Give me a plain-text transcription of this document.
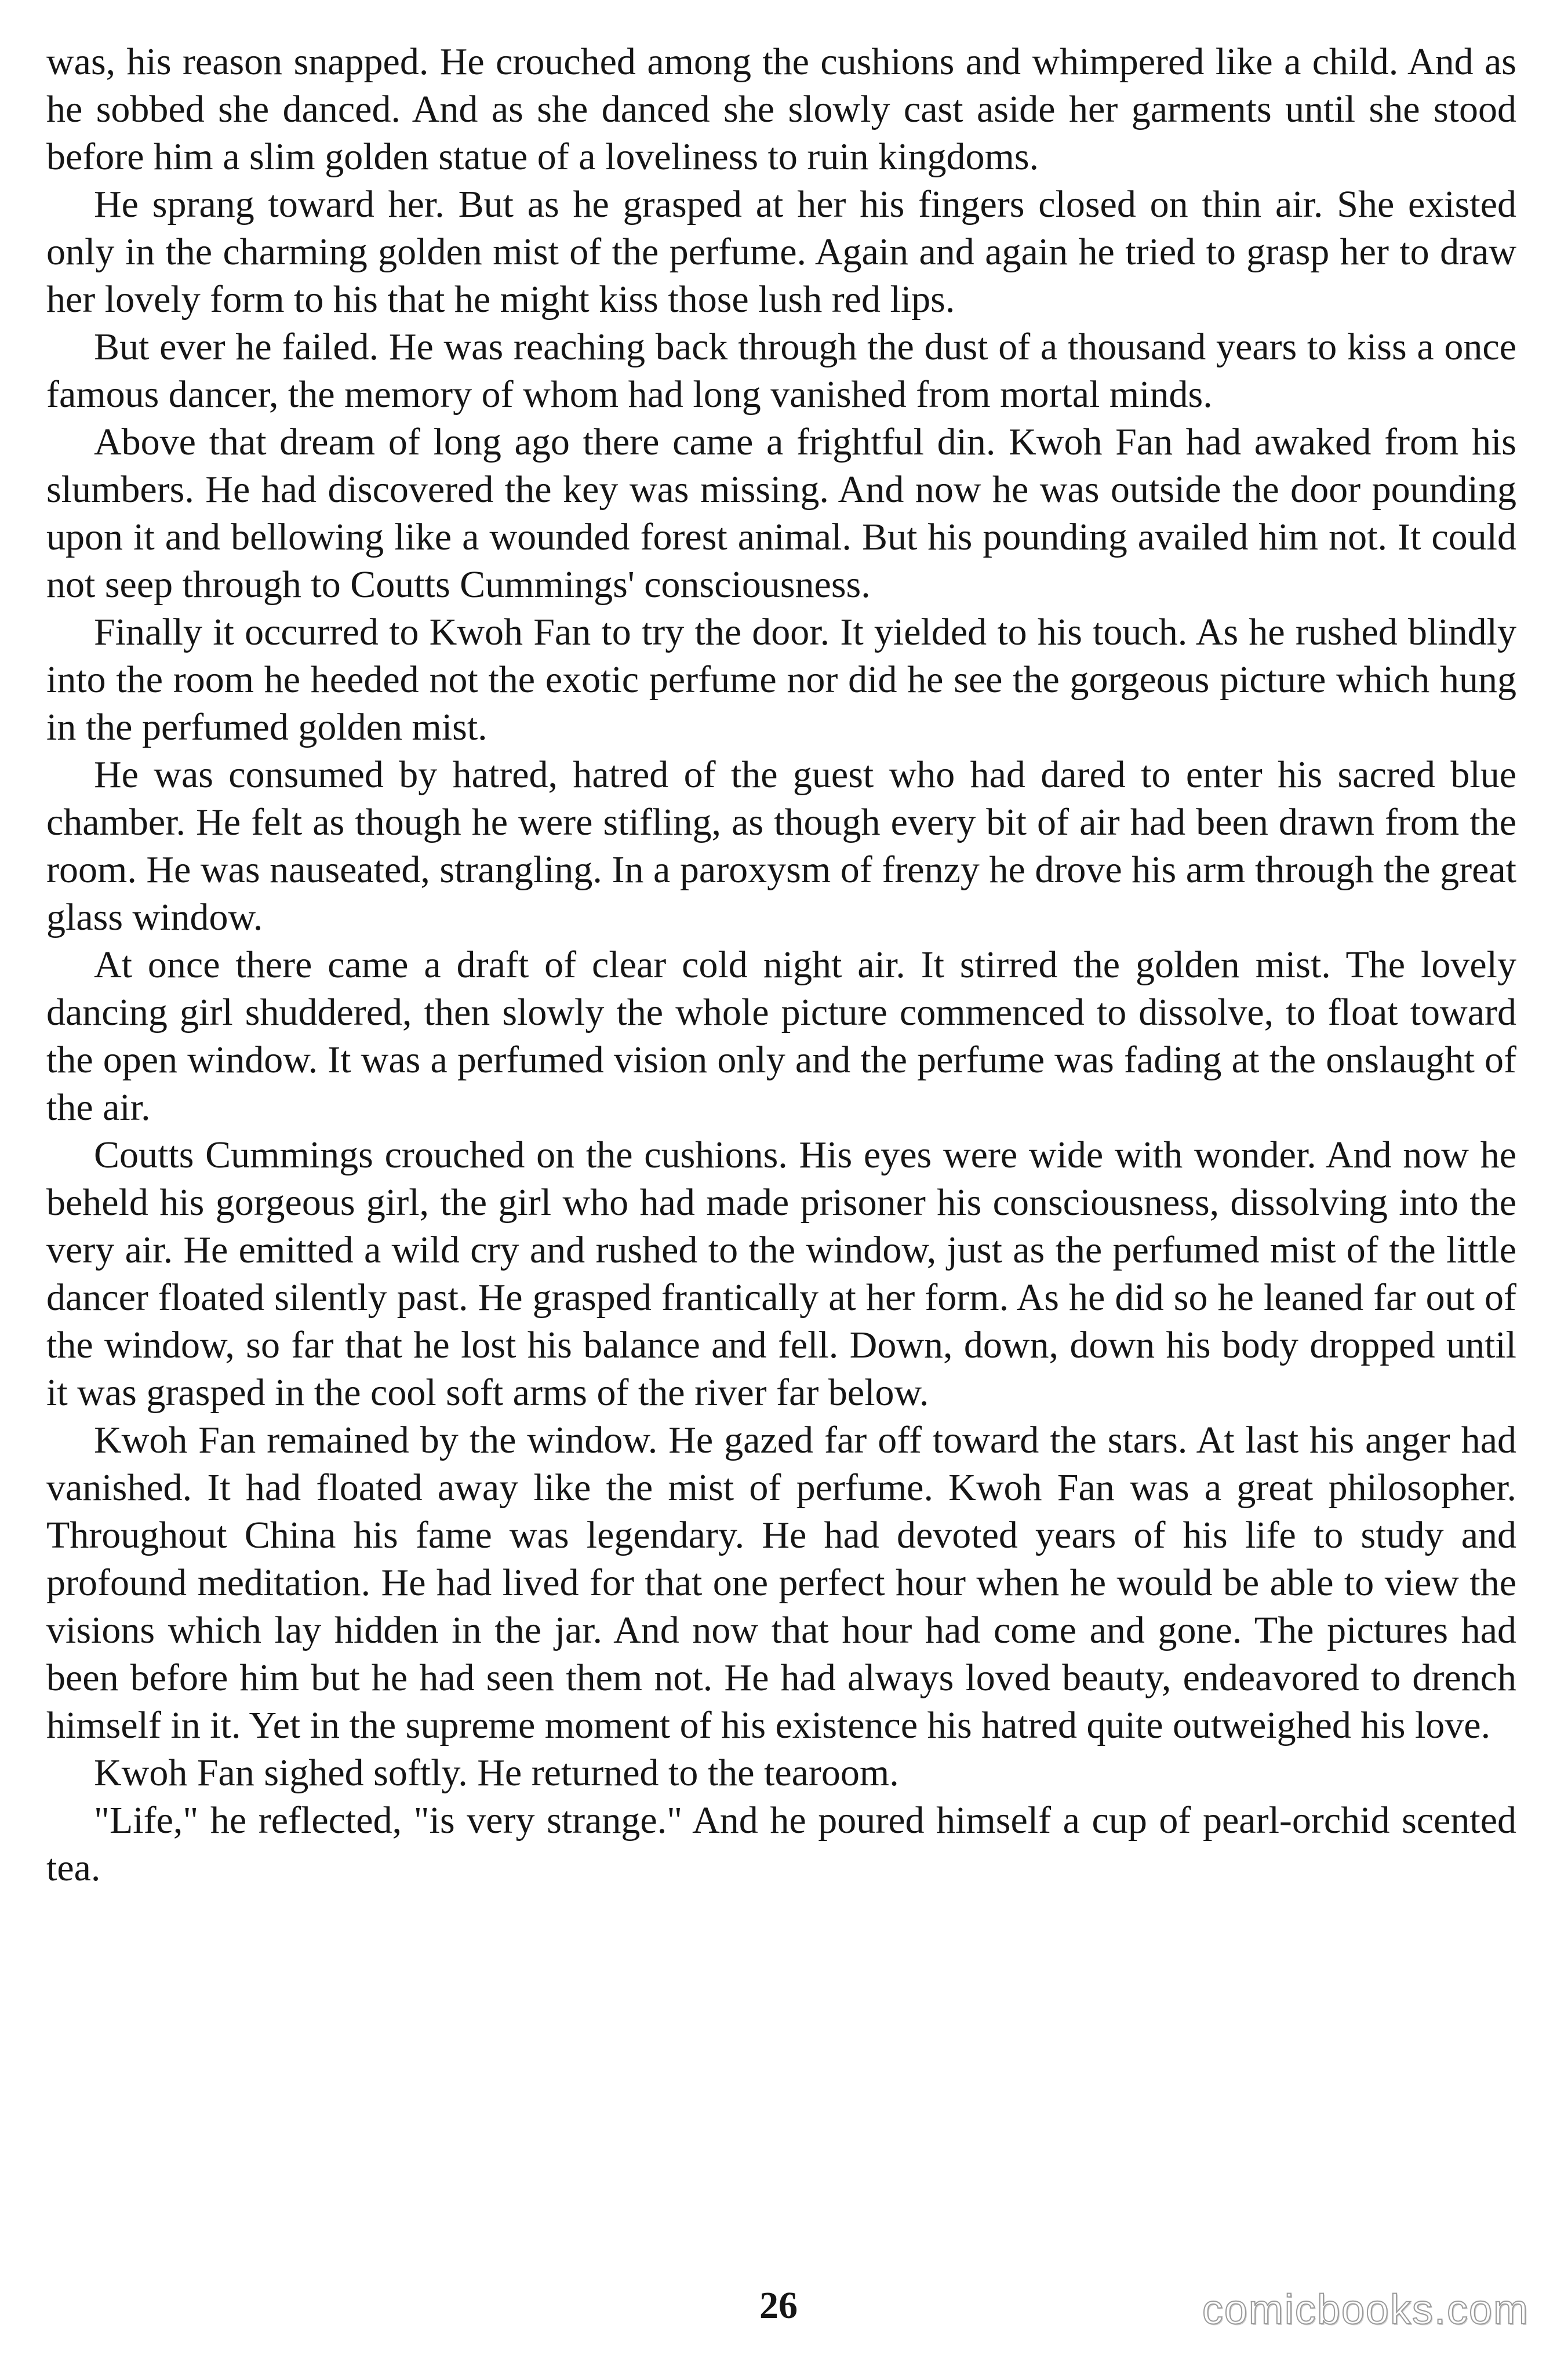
was, his reason snapped. He crouched among the cushions and whimpered like a child. And as he sobbed she danced. And as she danced she slowly cast aside her garments until she stood before him a slim golden statue of a loveliness to ruin kingdoms.

He sprang toward her. But as he grasped at her his fingers closed on thin air. She existed only in the charming golden mist of the perfume. Again and again he tried to grasp her to draw her lovely form to his that he might kiss those lush red lips.

But ever he failed. He was reaching back through the dust of a thousand years to kiss a once famous dancer, the memory of whom had long vanished from mortal minds.

Above that dream of long ago there came a frightful din. Kwoh Fan had awaked from his slumbers. He had discovered the key was missing. And now he was outside the door pounding upon it and bellowing like a wounded forest animal. But his pounding availed him not. It could not seep through to Coutts Cummings' consciousness.

Finally it occurred to Kwoh Fan to try the door. It yielded to his touch. As he rushed blindly into the room he heeded not the exotic perfume nor did he see the gorgeous picture which hung in the perfumed golden mist.

He was consumed by hatred, hatred of the guest who had dared to enter his sacred blue chamber. He felt as though he were stifling, as though every bit of air had been drawn from the room. He was nauseated, strangling. In a paroxysm of frenzy he drove his arm through the great glass window.

At once there came a draft of clear cold night air. It stirred the golden mist. The lovely dancing girl shuddered, then slowly the whole picture commenced to dissolve, to float toward the open window. It was a perfumed vision only and the perfume was fading at the onslaught of the air.

Coutts Cummings crouched on the cushions. His eyes were wide with wonder. And now he beheld his gorgeous girl, the girl who had made prisoner his consciousness, dissolving into the very air. He emitted a wild cry and rushed to the window, just as the perfumed mist of the little dancer floated silently past. He grasped frantically at her form. As he did so he leaned far out of the window, so far that he lost his balance and fell. Down, down, down his body dropped until it was grasped in the cool soft arms of the river far below.

Kwoh Fan remained by the window. He gazed far off toward the stars. At last his anger had vanished. It had floated away like the mist of perfume. Kwoh Fan was a great philosopher. Throughout China his fame was legendary. He had devoted years of his life to study and profound meditation. He had lived for that one perfect hour when he would be able to view the visions which lay hidden in the jar. And now that hour had come and gone. The pictures had been before him but he had seen them not. He had always loved beauty, endeavored to drench himself in it. Yet in the supreme moment of his existence his hatred quite outweighed his love.

Kwoh Fan sighed softly. He returned to the tearoom.

"Life," he reflected, "is very strange." And he poured himself a cup of pearl-orchid scented tea.

26	comicbooks.com
